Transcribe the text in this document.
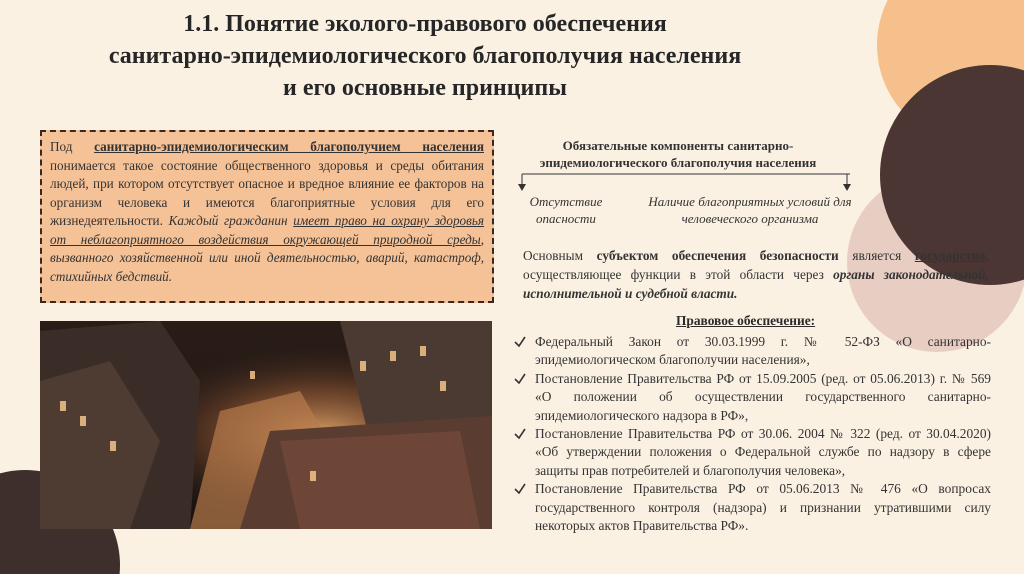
1.1. Понятие эколого-правового обеспечения
санитарно-эпидемиологического благополучия населения
и его основные принципы
Под санитарно-эпидемиологическим благополучием населения понимается такое состояние общественного здоровья и среды обитания людей, при котором отсутствует опасное и вредное влияние ее факторов на организм человека и имеются благоприятные условия для его жизнедеятельности. Каждый гражданин имеет право на охрану здоровья от неблагоприятного воздействия окружающей природной среды, вызванного хозяйственной или иной деятельностью, аварий, катастроф, стихийных бедствий.
Обязательные компоненты санитарно-эпидемиологического благополучия населения
Отсутствие опасности
Наличие благоприятных условий для человеческого организма
Основным субъектом обеспечения безопасности является государство, осуществляющее функции в этой области через органы законодательной, исполнительной и судебной власти.
Правовое обеспечение:
Федеральный Закон от 30.03.1999 г. № 52-ФЗ «О санитарно-эпидемиологическом благополучии населения»,
Постановление Правительства РФ от 15.09.2005 (ред. от 05.06.2013) г. № 569 «О положении об осуществлении государственного санитарно-эпидемиологического надзора в РФ»,
Постановление Правительства РФ от 30.06. 2004 № 322 (ред. от 30.04.2020) «Об утверждении положения о Федеральной службе по надзору в сфере защиты прав потребителей и благополучия человека»,
Постановление Правительства РФ от 05.06.2013 № 476 «О вопросах государственного контроля (надзора) и признании утратившими силу некоторых актов Правительства РФ».
